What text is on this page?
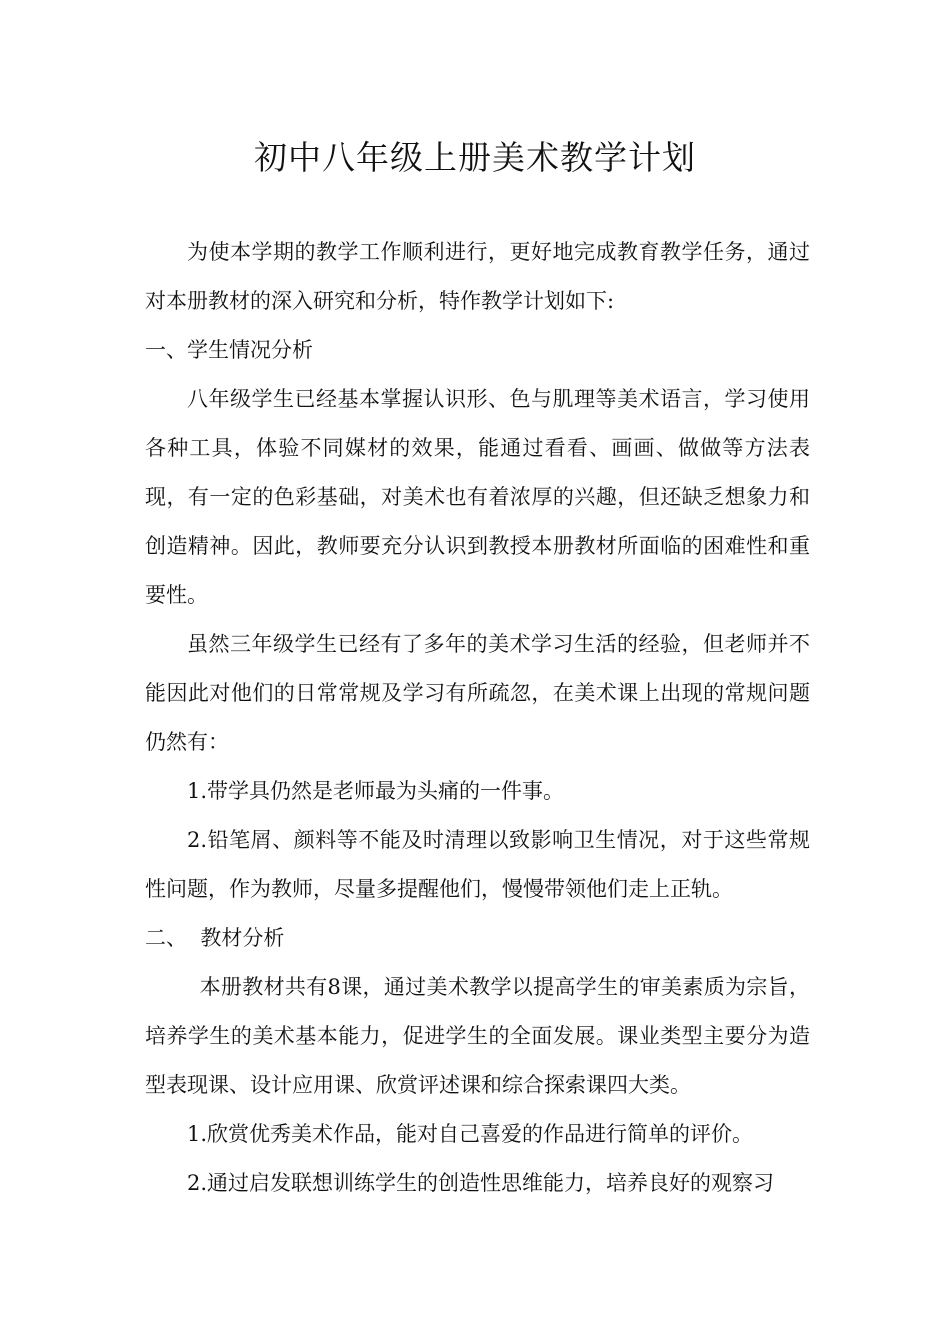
初中八年级上册美术教学计划

为使本学期的教学工作顺利进行，更好地完成教育教学任务，通过对本册教材的深入研究和分析，特作教学计划如下:

一、学生情况分析

八年级学生已经基本掌握认识形、色与肌理等美术语言，学习使用各种工具，体验不同媒材的效果，能通过看看、画画、做做等方法表现，有一定的色彩基础，对美术也有着浓厚的兴趣，但还缺乏想象力和创造精神。因此，教师要充分认识到教授本册教材所面临的困难性和重要性。

虽然三年级学生已经有了多年的美术学习生活的经验，但老师并不能因此对他们的日常常规及学习有所疏忽，在美术课上出现的常规问题仍然有：

1.带学具仍然是老师最为头痛的一件事。

2.铅笔屑、颜料等不能及时清理以致影响卫生情况，对于这些常规性问题，作为教师，尽量多提醒他们，慢慢带领他们走上正轨。

二、  教材分析

本册教材共有8课，通过美术教学以提高学生的审美素质为宗旨，培养学生的美术基本能力，促进学生的全面发展。课业类型主要分为造型表现课、设计应用课、欣赏评述课和综合探索课四大类。

1.欣赏优秀美术作品，能对自己喜爱的作品进行简单的评价。

2.通过启发联想训练学生的创造性思维能力，培养良好的观察习
